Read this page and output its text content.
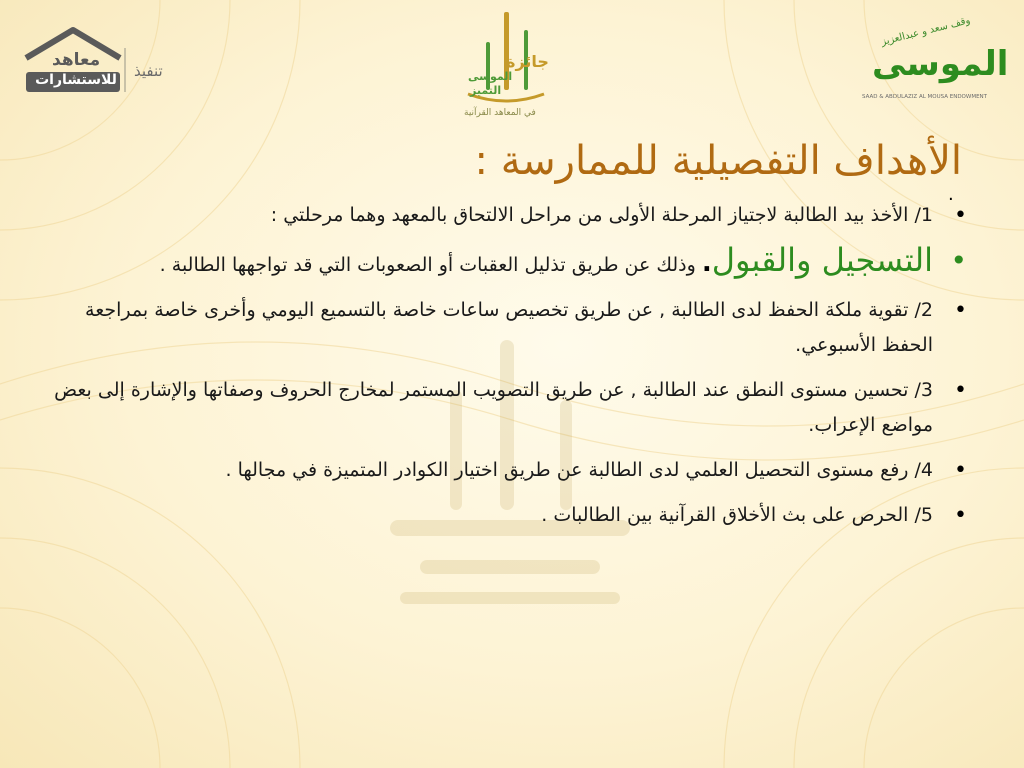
معاهد
للاستشارات تنفيذ	جائزة
الموسى
التميز
في المعاهد القرآنية
وقف سعد و عبدالعزيز
الموسى
SAAD & ABDULAZIZ AL MOUSA ENDOWMENT
الأهداف التفصيلية للممارسة :
.
•
1/ الأخذ بيد الطالبة لاجتياز المرحلة الأولى من مراحل الالتحاق بالمعهد وهما مرحلتي :
•
التسجيل والقبول. وذلك عن طريق تذليل العقبات أو الصعوبات التي قد تواجهها الطالبة .
•
2/ تقوية ملكة الحفظ لدى الطالبة , عن طريق تخصيص ساعات خاصة بالتسميع اليومي وأخرى خاصة بمراجعة الحفظ الأسبوعي.
•
3/ تحسين مستوى النطق عند الطالبة , عن طريق التصويب المستمر لمخارج الحروف وصفاتها والإشارة إلى بعض مواضع الإعراب.
•
4/ رفع مستوى التحصيل العلمي لدى الطالبة عن طريق اختيار الكوادر المتميزة في مجالها .
•
5/ الحرص على بث الأخلاق القرآنية بين الطالبات .
